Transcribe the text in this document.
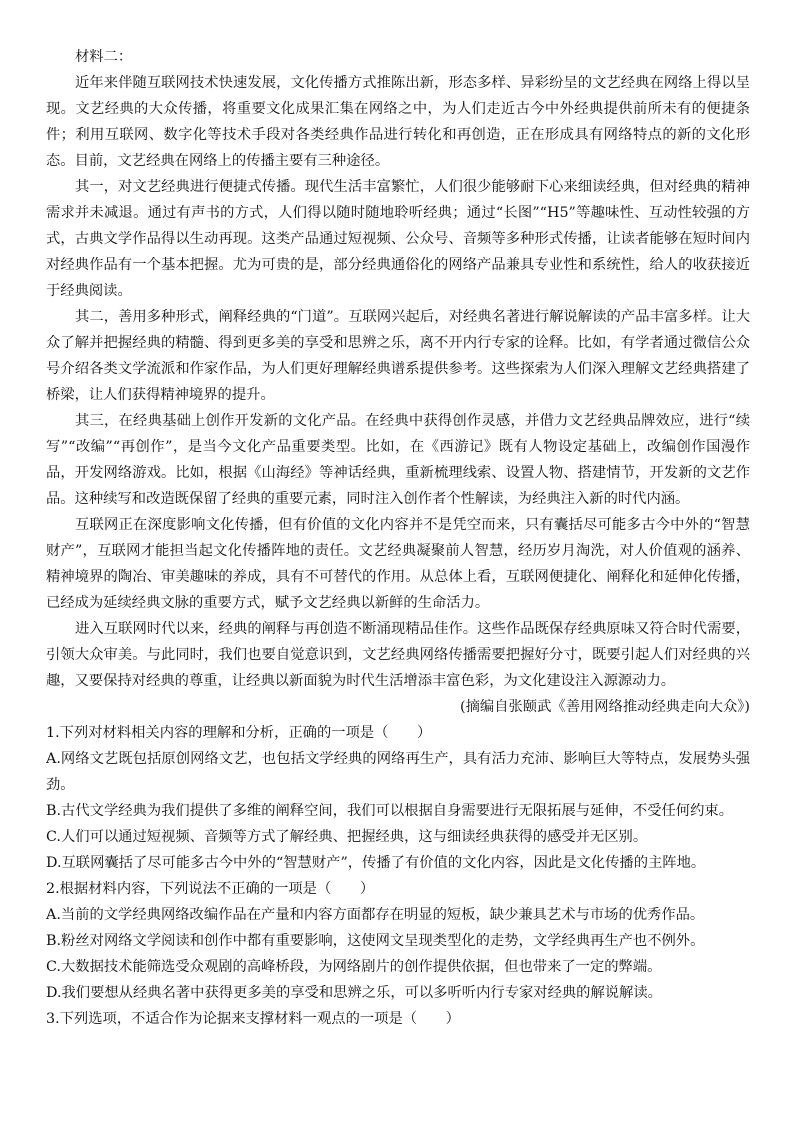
材料二：

近年来伴随互联网技术快速发展，文化传播方式推陈出新，形态多样、异彩纷呈的文艺经典在网络上得以呈现。文艺经典的大众传播，将重要文化成果汇集在网络之中，为人们走近古今中外经典提供前所未有的便捷条件；利用互联网、数字化等技术手段对各类经典作品进行转化和再创造，正在形成具有网络特点的新的文化形态。目前，文艺经典在网络上的传播主要有三种途径。

其一，对文艺经典进行便捷式传播。现代生活丰富繁忙，人们很少能够耐下心来细读经典，但对经典的精神需求并未减退。通过有声书的方式，人们得以随时随地聆听经典；通过“长图”“H5”等趣味性、互动性较强的方式，古典文学作品得以生动再现。这类产品通过短视频、公众号、音频等多种形式传播，让读者能够在短时间内对经典作品有一个基本把握。尤为可贵的是，部分经典通俗化的网络产品兼具专业性和系统性，给人的收获接近于经典阅读。

其二，善用多种形式，阐释经典的“门道”。互联网兴起后，对经典名著进行解说解读的产品丰富多样。让大众了解并把握经典的精髓、得到更多美的享受和思辨之乐，离不开内行专家的诠释。比如，有学者通过微信公众号介绍各类文学流派和作家作品，为人们更好理解经典谱系提供参考。这些探索为人们深入理解文艺经典搭建了桥梁，让人们获得精神境界的提升。

其三，在经典基础上创作开发新的文化产品。在经典中获得创作灵感，并借力文艺经典品牌效应，进行“续写”“改编”“再创作”，是当今文化产品重要类型。比如，在《西游记》既有人物设定基础上，改编创作国漫作品，开发网络游戏。比如，根据《山海经》等神话经典，重新梳理线索、设置人物、搭建情节，开发新的文艺作品。这种续写和改造既保留了经典的重要元素，同时注入创作者个性解读，为经典注入新的时代内涵。

互联网正在深度影响文化传播，但有价值的文化内容并不是凭空而来，只有囊括尽可能多古今中外的“智慧财产”，互联网才能担当起文化传播阵地的责任。文艺经典凝聚前人智慧，经历岁月淘洗，对人价值观的涵养、精神境界的陶冶、审美趣味的养成，具有不可替代的作用。从总体上看，互联网便捷化、阐释化和延伸化传播，已经成为延续经典文脉的重要方式，赋予文艺经典以新鲜的生命活力。

进入互联网时代以来，经典的阐释与再创造不断涌现精品佳作。这些作品既保存经典原味又符合时代需要，引领大众审美。与此同时，我们也要自觉意识到，文艺经典网络传播需要把握好分寸，既要引起人们对经典的兴趣，又要保持对经典的尊重，让经典以新面貌为时代生活增添丰富色彩，为文化建设注入源源动力。

(摘编自张颐武《善用网络推动经典走向大众》)

1.下列对材料相关内容的理解和分析，正确的一项是（　　）

A.网络文艺既包括原创网络文艺，也包括文学经典的网络再生产，具有活力充沛、影响巨大等特点，发展势头强劲。

B.古代文学经典为我们提供了多维的阐释空间，我们可以根据自身需要进行无限拓展与延伸，不受任何约束。

C.人们可以通过短视频、音频等方式了解经典、把握经典，这与细读经典获得的感受并无区别。

D.互联网囊括了尽可能多古今中外的“智慧财产”，传播了有价值的文化内容，因此是文化传播的主阵地。

2.根据材料内容，下列说法不正确的一项是（　　）

A.当前的文学经典网络改编作品在产量和内容方面都存在明显的短板，缺少兼具艺术与市场的优秀作品。

B.粉丝对网络文学阅读和创作中都有重要影响，这使网文呈现类型化的走势，文学经典再生产也不例外。

C.大数据技术能筛选受众观剧的高峰桥段，为网络剧片的创作提供依据，但也带来了一定的弊端。

D.我们要想从经典名著中获得更多美的享受和思辨之乐，可以多听听内行专家对经典的解说解读。

3.下列选项，不适合作为论据来支撑材料一观点的一项是（　　）
